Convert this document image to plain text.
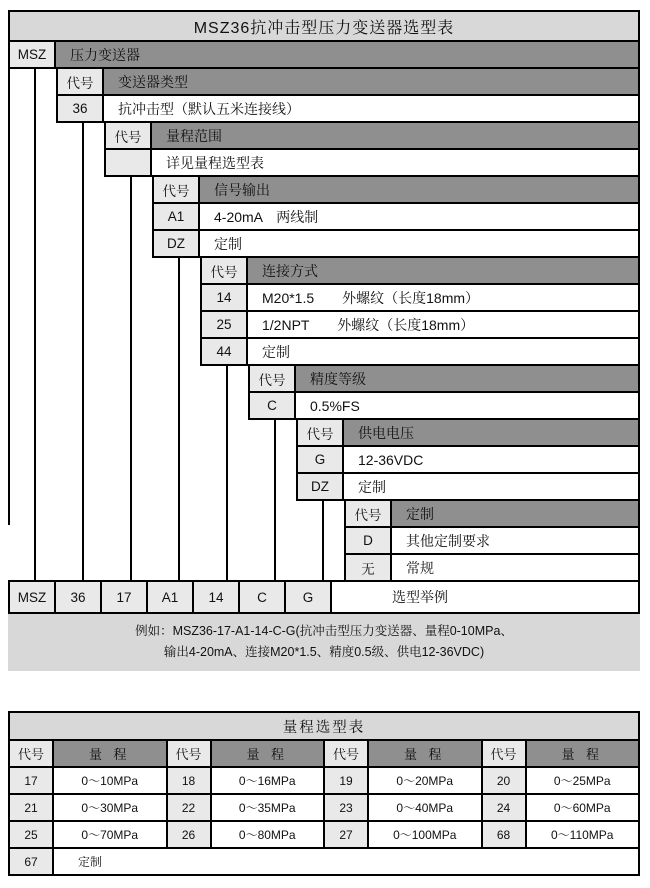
MSZ36抗冲击型压力变送器选型表
MSZ	压力变送器
代号	变送器类型
36	抗冲击型（默认五米连接线）
代号	量程范围
详见量程选型表
代号	信号输出
A1	4-20mA　两线制
DZ	定制
代号	连接方式
14	M20*1.5　　外螺纹（长度18mm）
25	1/2NPT　　外螺纹（长度18mm）
44	定制
代号	精度等级
C	0.5%FS
代号	供电电压
G	12-36VDC
DZ	定制
代号	定制
D	其他定制要求
无	常规
MSZ	36	17	A1	14	C	G	选型举例
例如：MSZ36-17-A1-14-C-G(抗冲击型压力变送器、量程0-10MPa、
输出4-20mA、连接M20*1.5、精度0.5级、供电12-36VDC)
量程选型表
代号	量 程	代号	量 程	代号	量 程	代号	量 程
17	0～10MPa	18	0～16MPa	19	0～20MPa	20	0～25MPa
21	0～30MPa	22	0～35MPa	23	0～40MPa	24	0～60MPa
25	0～70MPa	26	0～80MPa	27	0～100MPa	68	0～110MPa
67	定制
